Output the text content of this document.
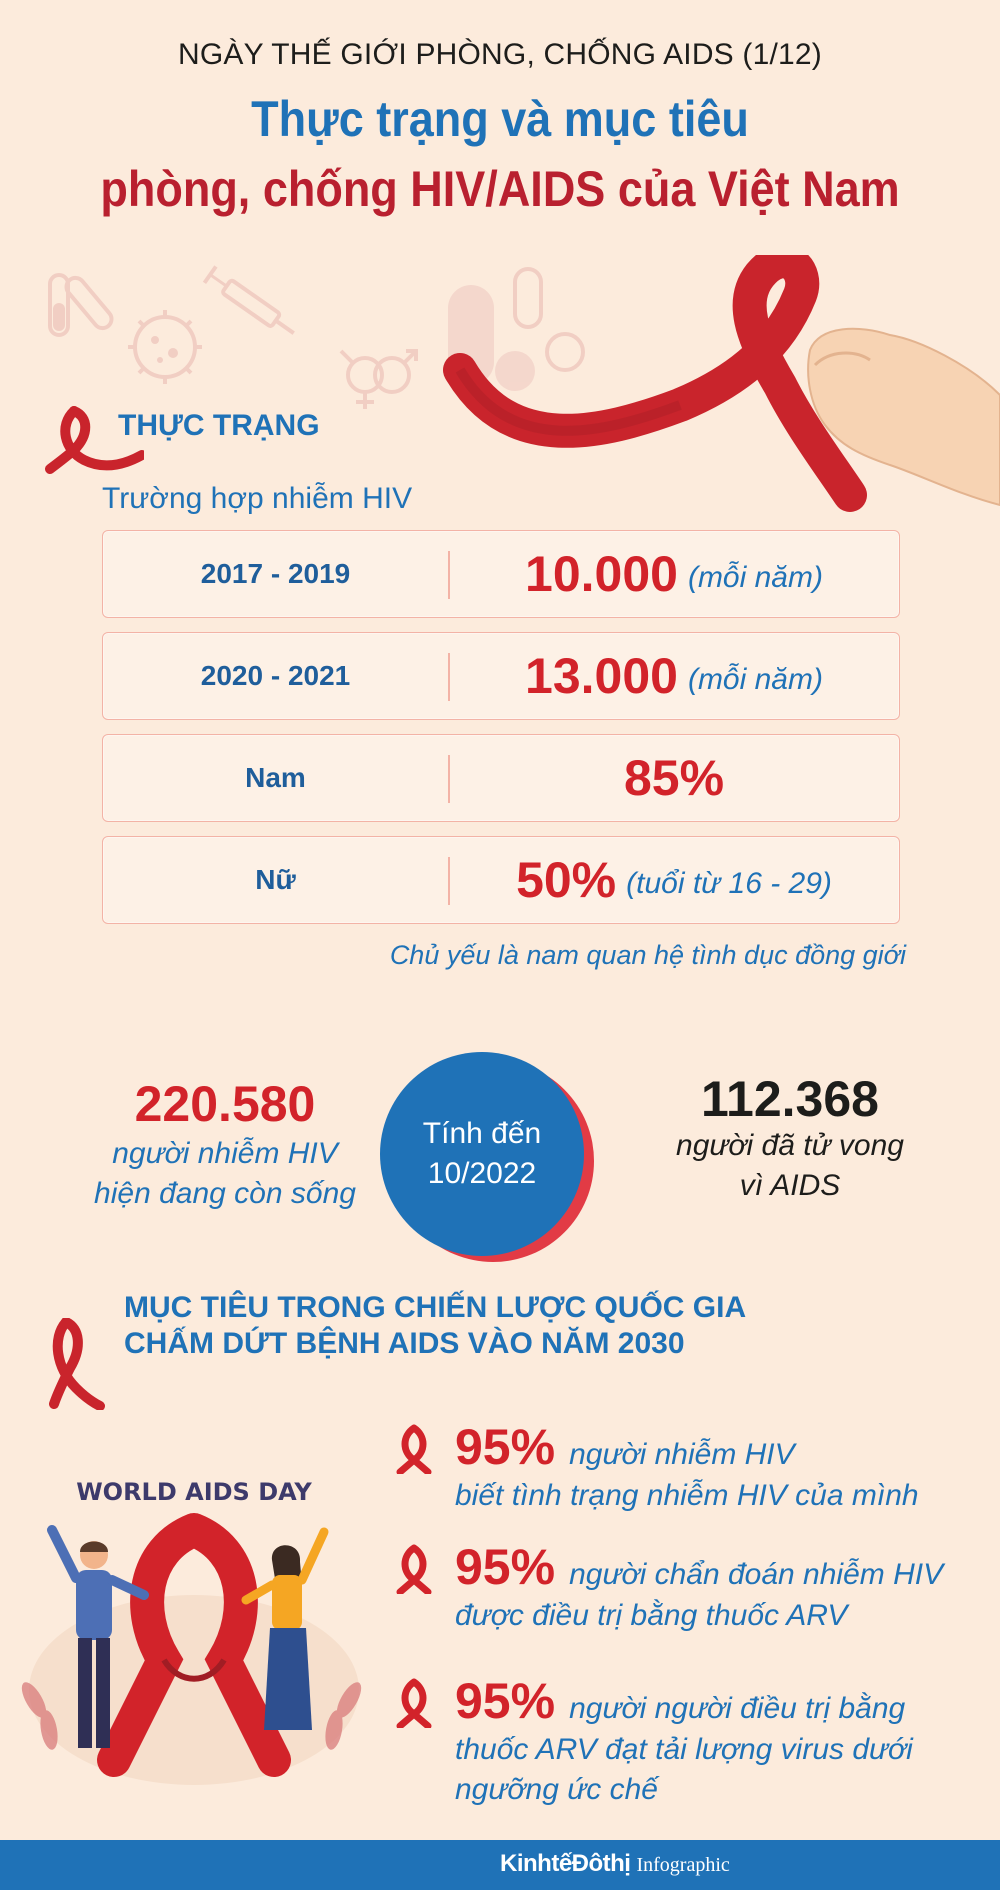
NGÀY THẾ GIỚI PHÒNG, CHỐNG AIDS (1/12)
Thực trạng và mục tiêu
phòng, chống HIV/AIDS của Việt Nam
THỰC TRẠNG
Trường hợp nhiễm HIV
2017 - 2019	10.000 (mỗi năm)
2020 - 2021	13.000 (mỗi năm)
Nam	85%
Nữ	50% (tuổi từ 16 - 29)
Chủ yếu là nam quan hệ tình dục đồng giới
220.580
người nhiễm HIV
hiện đang còn sống
Tính đến
10/2022
112.368
người đã tử vong
vì AIDS
MỤC TIÊU TRONG CHIẾN LƯỢC QUỐC GIA
CHẤM DỨT BỆNH AIDS VÀO NĂM 2030
WORLD AIDS DAY
95% người nhiễm HIV
biết tình trạng nhiễm HIV của mình
95% người chẩn đoán nhiễm HIV
được điều trị bằng thuốc ARV
95% người người điều trị bằng
thuốc ARV đạt tải lượng virus dưới
ngưỡng ức chế
KinhtếĐôthị Infographic
